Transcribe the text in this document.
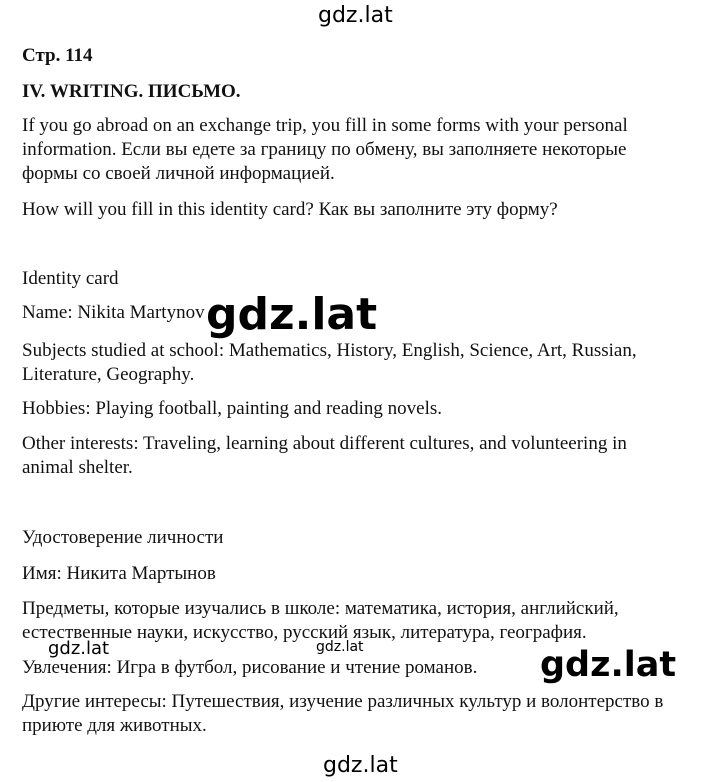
Стр. 114

IV. WRITING. ПИСЬМО.

If you go abroad on an exchange trip, you fill in some forms with your personal information. Если вы едете за границу по обмену, вы заполняете некоторые формы со своей личной информацией.

How will you fill in this identity card? Как вы заполните эту форму?

Identity card

Name: Nikita Martynov

Subjects studied at school: Mathematics, History, English, Science, Art, Russian, Literature, Geography.

Hobbies: Playing football, painting and reading novels.

Other interests: Traveling, learning about different cultures, and volunteering in animal shelter.

Удостоверение личности

Имя: Никита Мартынов

Предметы, которые изучались в школе: математика, история, английский, естественные науки, искусство, русский язык, литература, география.

Увлечения: Игра в футбол, рисование и чтение романов.

Другие интересы: Путешествия, изучение различных культур и волонтерство в приюте для животных.

gdz.lat
gdz.lat
gdz.lat	gdz.lat	gdz.lat
gdz.lat
